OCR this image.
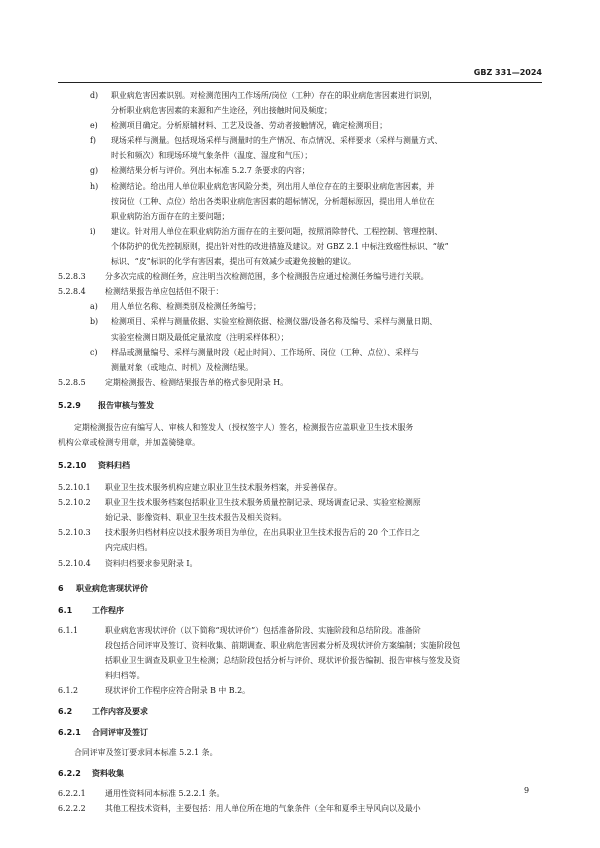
GBZ 331—2024
d) 职业病危害因素识别。对检测范围内工作场所/岗位（工种）存在的职业病危害因素进行识别，
分析职业病危害因素的来源和产生途径，列出接触时间及频度；
e) 检测项目确定。分析原辅材料、工艺及设备、劳动者接触情况，确定检测项目；
f) 现场采样与测量。包括现场采样与测量时的生产情况、布点情况、采样要求（采样与测量方式、
时长和频次）和现场环境气象条件（温度、湿度和气压）；
g) 检测结果分析与评价。列出本标准 5.2.7 条要求的内容；
h) 检测结论。给出用人单位职业病危害风险分类，列出用人单位存在的主要职业病危害因素，并
按岗位（工种、点位）给出各类职业病危害因素的超标情况，分析超标原因，提出用人单位在
职业病防治方面存在的主要问题；
i) 建议。针对用人单位在职业病防治方面存在的主要问题，按照消除替代、工程控制、管理控制、
个体防护的优先控制原则，提出针对性的改进措施及建议。对 GBZ 2.1 中标注致癌性标识、“敏”
标识、“皮”标识的化学有害因素，提出可有效减少或避免接触的建议。
5.2.8.3 分多次完成的检测任务，应注明当次检测范围，多个检测报告应通过检测任务编号进行关联。
5.2.8.4 检测结果报告单应包括但不限于：
a) 用人单位名称、检测类别及检测任务编号；
b) 检测项目、采样与测量依据、实验室检测依据、检测仪器/设备名称及编号、采样与测量日期、
实验室检测日期及最低定量浓度（注明采样体积）；
c) 样品或测量编号、采样与测量时段（起止时间）、工作场所、岗位（工种、点位）、采样与
测量对象（或地点、时机）及检测结果。
5.2.8.5 定期检测报告、检测结果报告单的格式参见附录 H。
5.2.9 报告审核与签发
定期检测报告应有编写人、审核人和签发人（授权签字人）签名，检测报告应盖职业卫生技术服务
机构公章或检测专用章，并加盖骑缝章。
5.2.10 资料归档
5.2.10.1 职业卫生技术服务机构应建立职业卫生技术服务档案，并妥善保存。
5.2.10.2 职业卫生技术服务档案包括职业卫生技术服务质量控制记录、现场调查记录、实验室检测原
始记录、影像资料、职业卫生技术报告及相关资料。
5.2.10.3 技术服务归档材料应以技术服务项目为单位，在出具职业卫生技术报告后的 20 个工作日之
内完成归档。
5.2.10.4 资料归档要求参见附录 I。
6 职业病危害现状评价
6.1 工作程序
6.1.1	职业病危害现状评价（以下简称“现状评价”）包括准备阶段、实施阶段和总结阶段。准备阶
段包括合同评审及签订、资料收集、前期调查、职业病危害因素分析及现状评价方案编制；实施阶段包
括职业卫生调查及职业卫生检测；总结阶段包括分析与评价、现状评价报告编制、报告审核与签发及资
料归档等。
6.1.2	现状评价工作程序应符合附录 B 中 B.2。
6.2 工作内容及要求
6.2.1 合同评审及签订
合同评审及签订要求同本标准 5.2.1 条。
6.2.2 资料收集
6.2.2.1 通用性资料同本标准 5.2.2.1 条。
6.2.2.2 其他工程技术资料，主要包括：用人单位所在地的气象条件（全年和夏季主导风向以及最小
9
